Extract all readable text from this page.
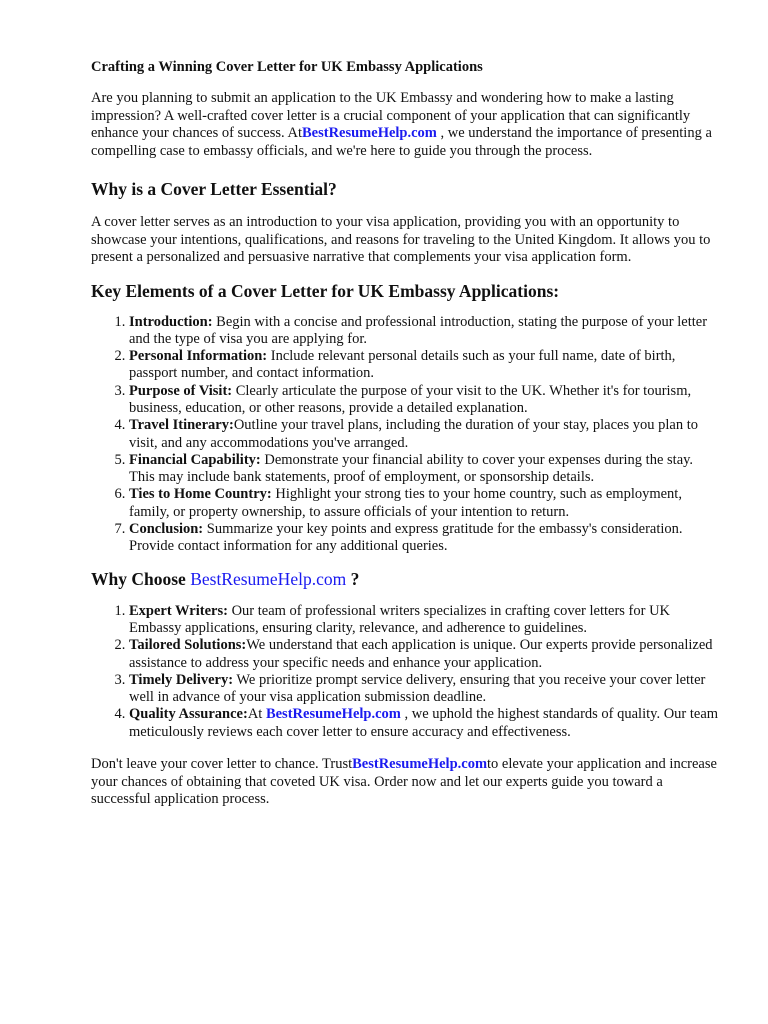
Crafting a Winning Cover Letter for UK Embassy Applications

Are you planning to submit an application to the UK Embassy and wondering how to make a lasting impression? A well-crafted cover letter is a crucial component of your application that can significantly enhance your chances of success. AtBestResumeHelp.com , we understand the importance of presenting a compelling case to embassy officials, and we're here to guide you through the process.

Why is a Cover Letter Essential?

A cover letter serves as an introduction to your visa application, providing you with an opportunity to showcase your intentions, qualifications, and reasons for traveling to the United Kingdom. It allows you to present a personalized and persuasive narrative that complements your visa application form.

Key Elements of a Cover Letter for UK Embassy Applications:
1. Introduction: Begin with a concise and professional introduction, stating the purpose of your letter and the type of visa you are applying for.
2. Personal Information: Include relevant personal details such as your full name, date of birth, passport number, and contact information.
3. Purpose of Visit: Clearly articulate the purpose of your visit to the UK. Whether it's for tourism, business, education, or other reasons, provide a detailed explanation.
4. Travel Itinerary:Outline your travel plans, including the duration of your stay, places you plan to visit, and any accommodations you've arranged.
5. Financial Capability: Demonstrate your financial ability to cover your expenses during the stay. This may include bank statements, proof of employment, or sponsorship details.
6. Ties to Home Country: Highlight your strong ties to your home country, such as employment, family, or property ownership, to assure officials of your intention to return.
7. Conclusion: Summarize your key points and express gratitude for the embassy's consideration. Provide contact information for any additional queries.
Why Choose BestResumeHelp.com ?
1. Expert Writers: Our team of professional writers specializes in crafting cover letters for UK Embassy applications, ensuring clarity, relevance, and adherence to guidelines.
2. Tailored Solutions:We understand that each application is unique. Our experts provide personalized assistance to address your specific needs and enhance your application.
3. Timely Delivery: We prioritize prompt service delivery, ensuring that you receive your cover letter well in advance of your visa application submission deadline.
4. Quality Assurance:At BestResumeHelp.com , we uphold the highest standards of quality. Our team meticulously reviews each cover letter to ensure accuracy and effectiveness.

Don't leave your cover letter to chance. TrustBestResumeHelp.comto elevate your application and increase your chances of obtaining that coveted UK visa. Order now and let our experts guide you toward a successful application process.
